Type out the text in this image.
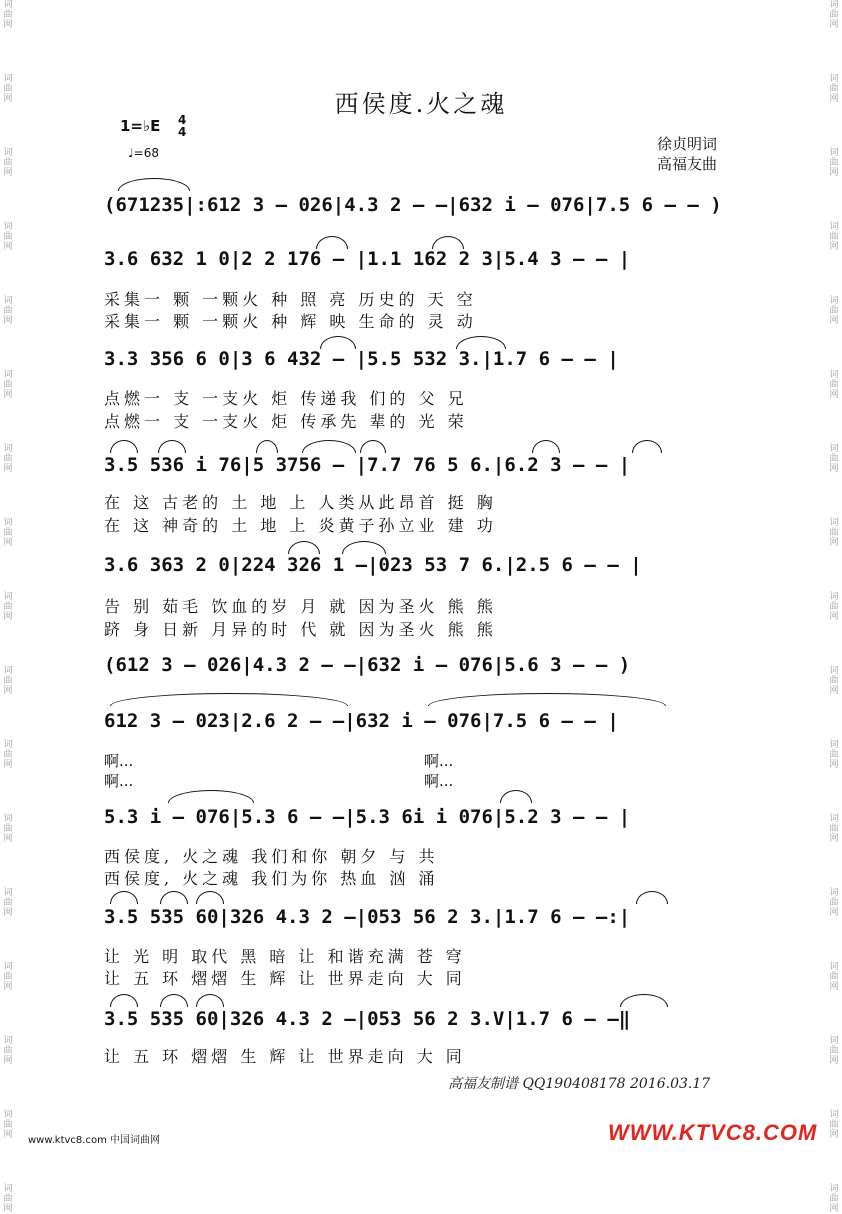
词
曲
网
词
曲
网
词
曲
网
词
曲
网
词
曲
网
词
曲
网
词
曲
网
词
曲
网
词
曲
网
词
曲
网
词
曲
网
词
曲
网
词
曲
网
词
曲
网
词
曲
网
词
曲
网
词
曲
网
词
曲
网
词
曲
网
词
曲
网
词
曲
网
词
曲
网
词
曲
网
词
曲
网
词
曲
网
词
曲
网
词
曲
网
词
曲
网
词
曲
网
词
曲
网
词
曲
网
词
曲
网
词
曲
网
词
曲
网
西侯度.火之魂
1=♭E 4
4
♩=68	徐贞明词
高福友曲
(671235|:612 3 – 026|4.3 2 – –|632 i – 076|7.5 6 – – )
3.6 632 1 0|2 2 176 – |1.1 162 2 3|5.4 3 – – |
采集一 颗 一颗火 种 照 亮 历史的 天 空
采集一 颗 一颗火 种 辉 映 生命的 灵 动
3.3 356 6 0|3 6 432 – |5.5 532 3.|1.7 6 – – |
点燃一 支 一支火 炬 传递我 们的 父 兄
点燃一 支 一支火 炬 传承先 辈的 光 荣
3.5 536 i 76|5 3756 – |7.7 76 5 6.|6.2 3 – – |
在 这 古老的 土 地 上 人类从此昂首 挺 胸
在 这 神奇的 土 地 上 炎黄子孙立业 建 功
3.6 363 2 0|224 326 1 –|023 53 7 6.|2.5 6 – – |
告 别 茹毛 饮血的岁 月 就 因为圣火 熊 熊
跻 身 日新 月异的时 代 就 因为圣火 熊 熊
(612 3 – 026|4.3 2 – –|632 i – 076|5.6 3 – – )
612 3 – 023|2.6 2 – –|632 i – 076|7.5 6 – – |
啊...	啊...
啊...	啊...
5.3 i – 076|5.3 6 – –|5.3 6i i 076|5.2 3 – – |
西侯度, 火之魂 我们和你 朝夕 与 共
西侯度, 火之魂 我们为你 热血 汹 涌
3.5 535 60|326 4.3 2 –|053 56 2 3.|1.7 6 – –:|
让 光 明 取代 黑 暗 让 和谐充满 苍 穹
让 五 环 熠熠 生 辉 让 世界走向 大 同
3.5 535 60|326 4.3 2 –|053 56 2 3.V|1.7 6 – –‖
让 五 环 熠熠 生 辉 让 世界走向 大 同
高福友制谱 QQ190408178 2016.03.17
www.ktvc8.com 中国词曲网	WWW.KTVC8.COM
